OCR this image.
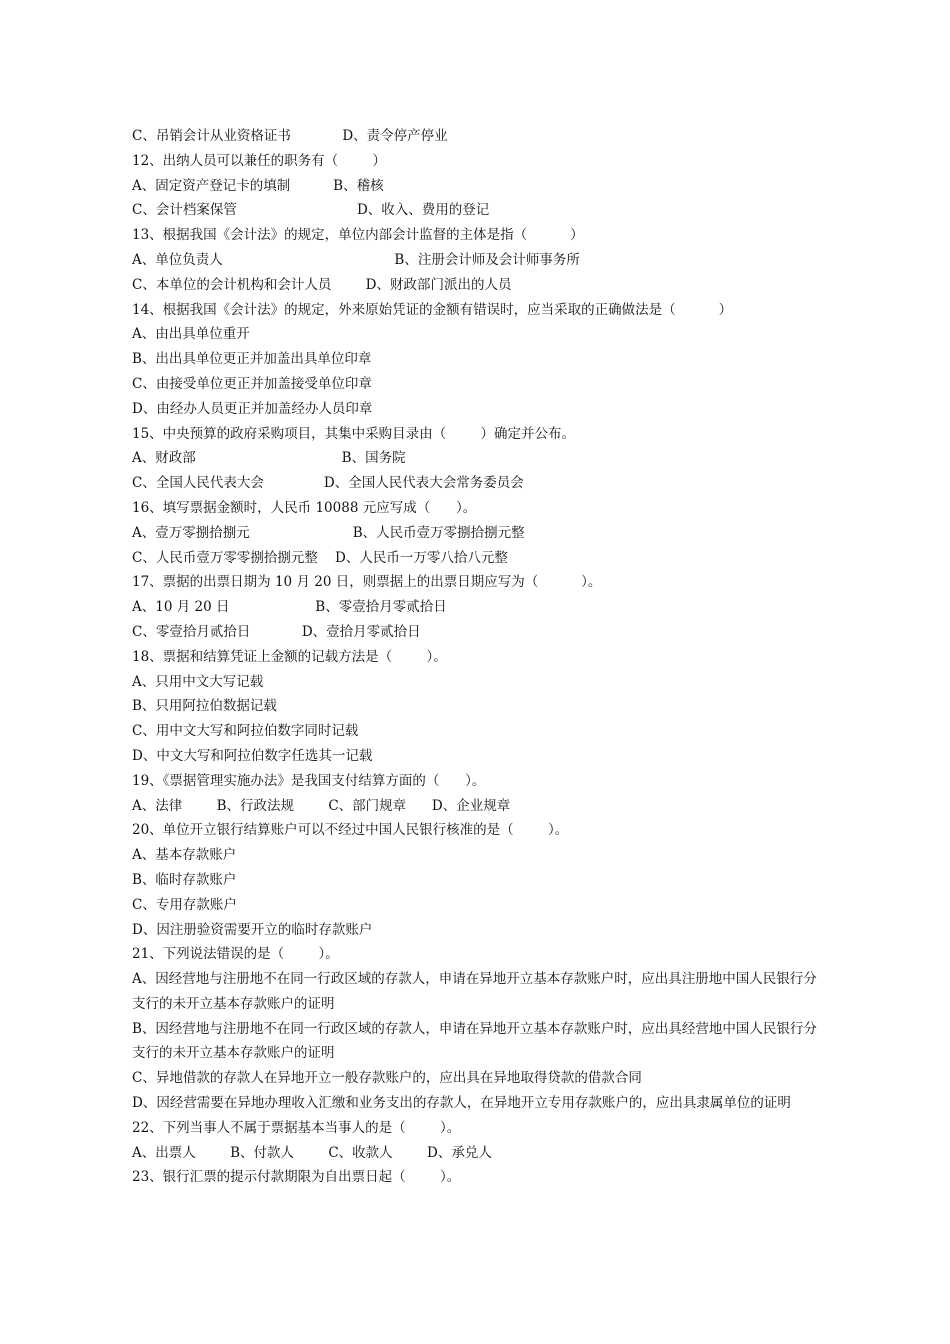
C、吊销会计从业资格证书            D、责令停产停业
12、出纳人员可以兼任的职务有（        ）
A、固定资产登记卡的填制          B、稽核
C、会计档案保管                            D、收入、费用的登记
13、根据我国《会计法》的规定，单位内部会计监督的主体是指（          ）
A、单位负责人                                        B、注册会计师及会计师事务所
C、本单位的会计机构和会计人员        D、财政部门派出的人员
14、根据我国《会计法》的规定，外来原始凭证的金额有错误时，应当采取的正确做法是（          ）
A、由出具单位重开
B、出出具单位更正并加盖出具单位印章
C、由接受单位更正并加盖接受单位印章
D、由经办人员更正并加盖经办人员印章
15、中央预算的政府采购项目，其集中采购目录由（        ）确定并公布。
A、财政部                                  B、国务院
C、全国人民代表大会              D、全国人民代表大会常务委员会
16、填写票据金额时，人民币 10088 元应写成（      ）。
A、壹万零捌拾捌元                        B、人民币壹万零捌拾捌元整
C、人民币壹万零零捌拾捌元整    D、人民币一万零八拾八元整
17、票据的出票日期为 10 月 20 日，则票据上的出票日期应写为（          ）。
A、10 月 20 日                    B、零壹拾月零贰拾日
C、零壹拾月贰拾日            D、壹拾月零贰拾日
18、票据和结算凭证上金额的记载方法是（        ）。
A、只用中文大写记载
B、只用阿拉伯数据记载
C、用中文大写和阿拉伯数字同时记载
D、中文大写和阿拉伯数字任选其一记载
19、《票据管理实施办法》是我国支付结算方面的（      ）。
A、法律        B、行政法规        C、部门规章      D、企业规章
20、单位开立银行结算账户可以不经过中国人民银行核准的是（        ）。
A、基本存款账户
B、临时存款账户
C、专用存款账户
D、因注册验资需要开立的临时存款账户
21、下列说法错误的是（        ）。
A、因经营地与注册地不在同一行政区域的存款人，申请在异地开立基本存款账户时，应出具注册地中国人民银行分支行的未开立基本存款账户的证明
B、因经营地与注册地不在同一行政区域的存款人，申请在异地开立基本存款账户时，应出具经营地中国人民银行分支行的未开立基本存款账户的证明
C、异地借款的存款人在异地开立一般存款账户的，应出具在异地取得贷款的借款合同
D、因经营需要在异地办理收入汇缴和业务支出的存款人，在异地开立专用存款账户的，应出具隶属单位的证明
22、下列当事人不属于票据基本当事人的是（        ）。
A、出票人        B、付款人        C、收款人        D、承兑人
23、银行汇票的提示付款期限为自出票日起（        ）。
